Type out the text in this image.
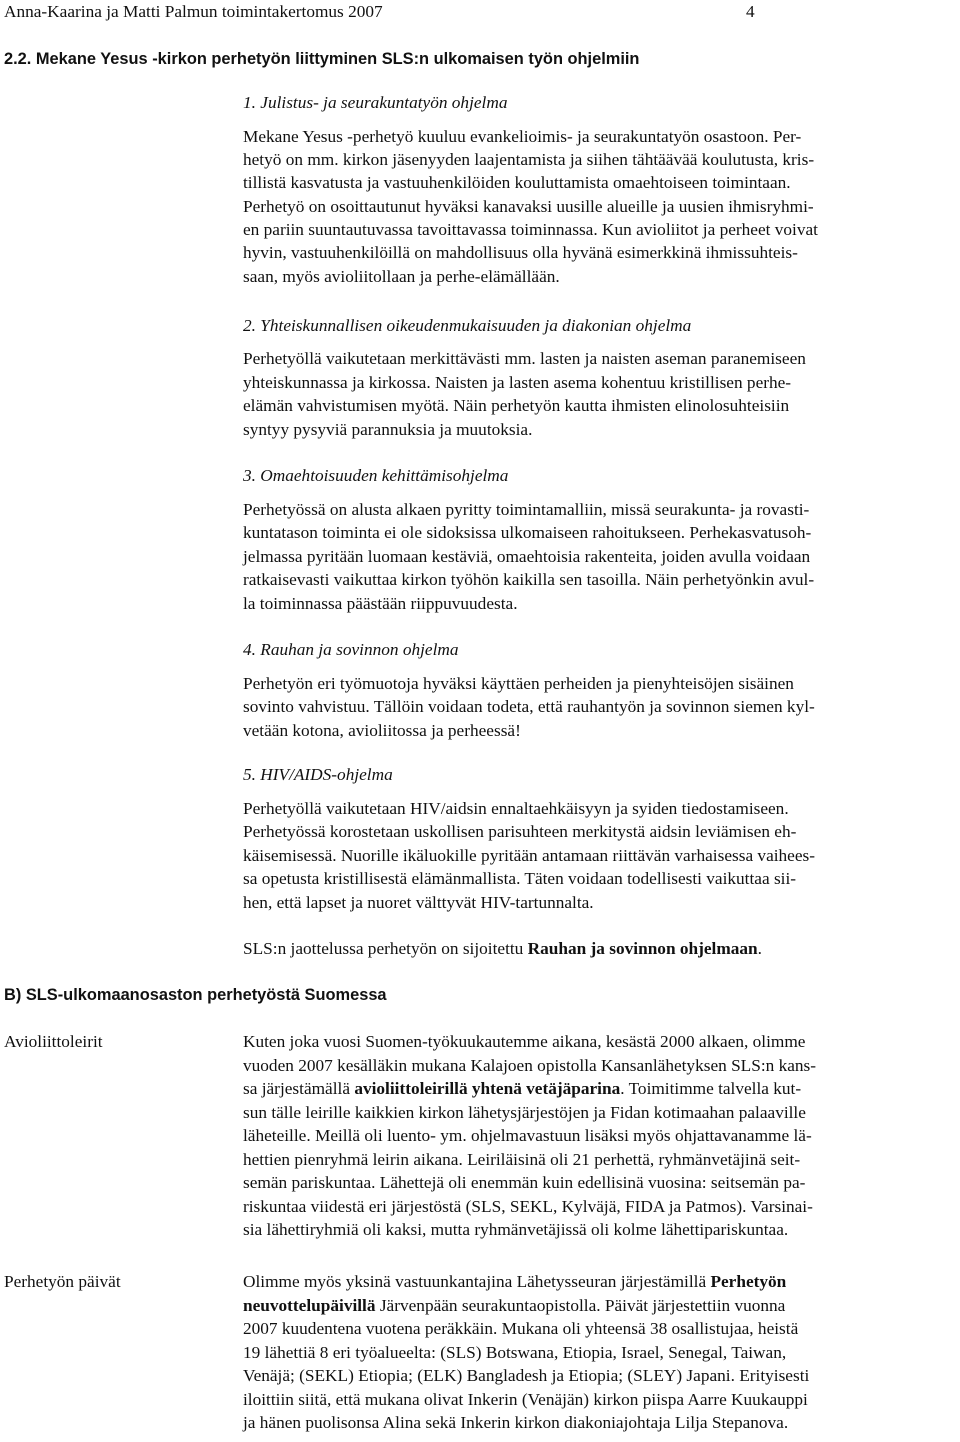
Anna-Kaarina ja Matti Palmun toimintakertomus 2007	4
2.2. Mekane Yesus -kirkon perhetyön liittyminen SLS:n ulkomaisen työn ohjelmiin
1. Julistus- ja seurakuntatyön ohjelma
Mekane Yesus -perhetyö kuuluu evankelioimis- ja seurakuntatyön osastoon. Per-
hetyö on mm. kirkon jäsenyyden laajentamista ja siihen tähtäävää koulutusta, kris-
tillistä kasvatusta ja vastuuhenkilöiden kouluttamista omaehtoiseen toimintaan.
Perhetyö on osoittautunut hyväksi kanavaksi uusille alueille ja uusien ihmisryhmi-
en pariin suuntautuvassa tavoittavassa toiminnassa. Kun avioliitot ja perheet voivat
hyvin, vastuuhenkilöillä on mahdollisuus olla hyvänä esimerkkinä ihmissuhteis-
saan, myös avioliitollaan ja perhe-elämällään.
2. Yhteiskunnallisen oikeudenmukaisuuden ja diakonian ohjelma
Perhetyöllä vaikutetaan merkittävästi mm. lasten ja naisten aseman paranemiseen
yhteiskunnassa ja kirkossa. Naisten ja lasten asema kohentuu kristillisen perhe-
elämän vahvistumisen myötä. Näin perhetyön kautta ihmisten elinolosuhteisiin
syntyy pysyviä parannuksia ja muutoksia.
3. Omaehtoisuuden kehittämisohjelma
Perhetyössä on alusta alkaen pyritty toimintamalliin, missä seurakunta- ja rovasti-
kuntatason toiminta ei ole sidoksissa ulkomaiseen rahoitukseen. Perhekasvatusoh-
jelmassa pyritään luomaan kestäviä, omaehtoisia rakenteita, joiden avulla voidaan
ratkaisevasti vaikuttaa kirkon työhön kaikilla sen tasoilla. Näin perhetyönkin avul-
la toiminnassa päästään riippuvuudesta.
4. Rauhan ja sovinnon ohjelma
Perhetyön eri työmuotoja hyväksi käyttäen perheiden ja pienyhteisöjen sisäinen
sovinto vahvistuu. Tällöin voidaan todeta, että rauhantyön ja sovinnon siemen kyl-
vetään kotona, avioliitossa ja perheessä!
5. HIV/AIDS-ohjelma
Perhetyöllä vaikutetaan HIV/aidsin ennaltaehkäisyyn ja syiden tiedostamiseen.
Perhetyössä korostetaan uskollisen parisuhteen merkitystä aidsin leviämisen eh-
käisemisessä. Nuorille ikäluokille pyritään antamaan riittävän varhaisessa vaihees-
sa opetusta kristillisestä elämänmallista. Täten voidaan todellisesti vaikuttaa sii-
hen, että lapset ja nuoret välttyvät HIV-tartunnalta.
SLS:n jaottelussa perhetyön on sijoitettu Rauhan ja sovinnon ohjelmaan.
B) SLS-ulkomaanosaston perhetyöstä Suomessa
Avioliittoleirit	Kuten joka vuosi Suomen-työkuukautemme aikana, kesästä 2000 alkaen, olimme
vuoden 2007 kesälläkin mukana Kalajoen opistolla Kansanlähetyksen SLS:n kans-
sa järjestämällä avioliittoleirillä yhtenä vetäjäparina. Toimitimme talvella kut-
sun tälle leirille kaikkien kirkon lähetysjärjestöjen ja Fidan kotimaahan palaaville
läheteille. Meillä oli luento- ym. ohjelmavastuun lisäksi myös ohjattavanamme lä-
hettien pienryhmä leirin aikana. Leiriläisinä oli 21 perhettä, ryhmänvetäjinä seit-
semän pariskuntaa. Lähettejä oli enemmän kuin edellisinä vuosina: seitsemän pa-
riskuntaa viidestä eri järjestöstä (SLS, SEKL, Kylväjä, FIDA ja Patmos). Varsinai-
sia lähettiryhmiä oli kaksi, mutta ryhmänvetäjissä oli kolme lähettipariskuntaa.
Perhetyön päivät	Olimme myös yksinä vastuunkantajina Lähetysseuran järjestämillä Perhetyön
neuvottelupäivillä Järvenpään seurakuntaopistolla. Päivät järjestettiin vuonna
2007 kuudentena vuotena peräkkäin. Mukana oli yhteensä 38 osallistujaa, heistä
19 lähettiä 8 eri työalueelta: (SLS) Botswana, Etiopia, Israel, Senegal, Taiwan,
Venäjä; (SEKL) Etiopia; (ELK) Bangladesh ja Etiopia; (SLEY) Japani. Erityisesti
iloittiin siitä, että mukana olivat Inkerin (Venäjän) kirkon piispa Aarre Kuukauppi
ja hänen puolisonsa Alina sekä Inkerin kirkon diakoniajohtaja Lilja Stepanova.
